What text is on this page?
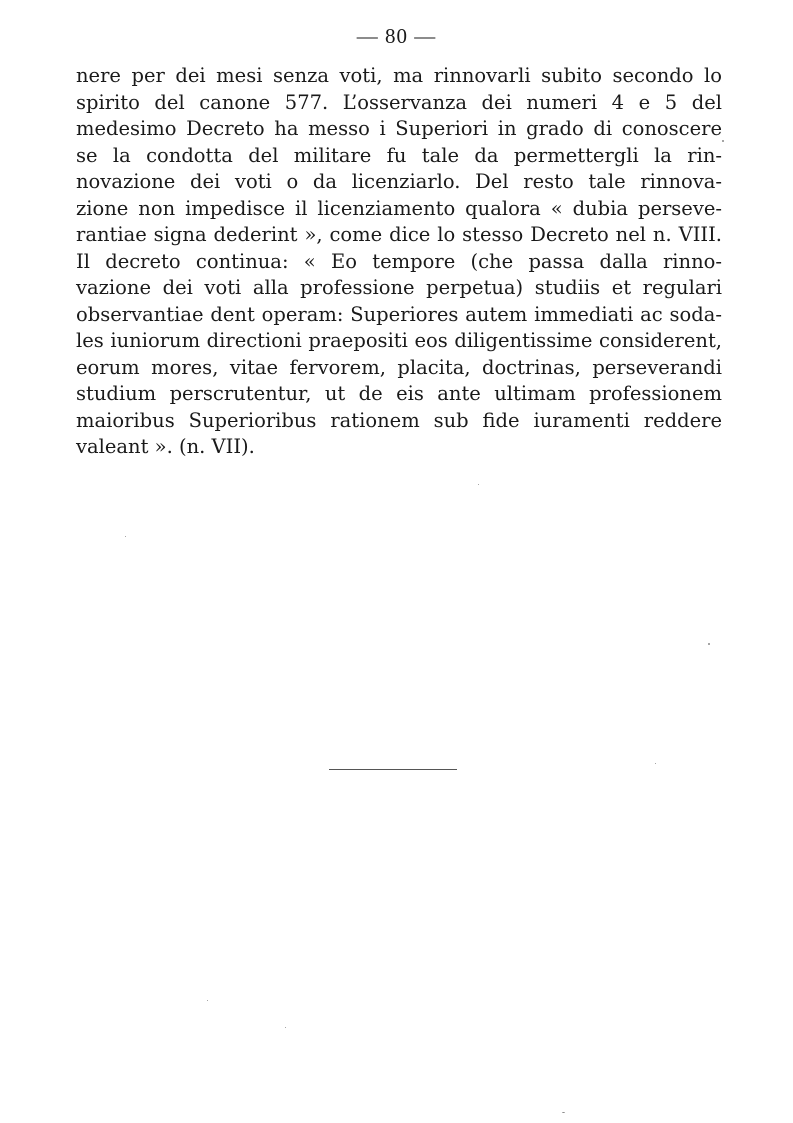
— 80 —
nere per dei mesi senza voti, ma rinnovarli subito secondo lo
spirito del canone 577. L’osservanza dei numeri 4 e 5 del
medesimo Decreto ha messo i Superiori in grado di conoscere
se la condotta del militare fu tale da permettergli la rin-
novazione dei voti o da licenziarlo. Del resto tale rinnova-
zione non impedisce il licenziamento qualora « dubia perseve-
rantiae signa dederint », come dice lo stesso Decreto nel n. VIII.
Il decreto continua: « Eo tempore (che passa dalla rinno-
vazione dei voti alla professione perpetua) studiis et regulari
observantiae dent operam: Superiores autem immediati ac soda-
les iuniorum directioni praepositi eos diligentissime considerent,
eorum mores, vitae fervorem, placita, doctrinas, perseverandi
studium perscrutentur, ut de eis ante ultimam professionem
maioribus Superioribus rationem sub fide iuramenti reddere
valeant ». (n. VII).
